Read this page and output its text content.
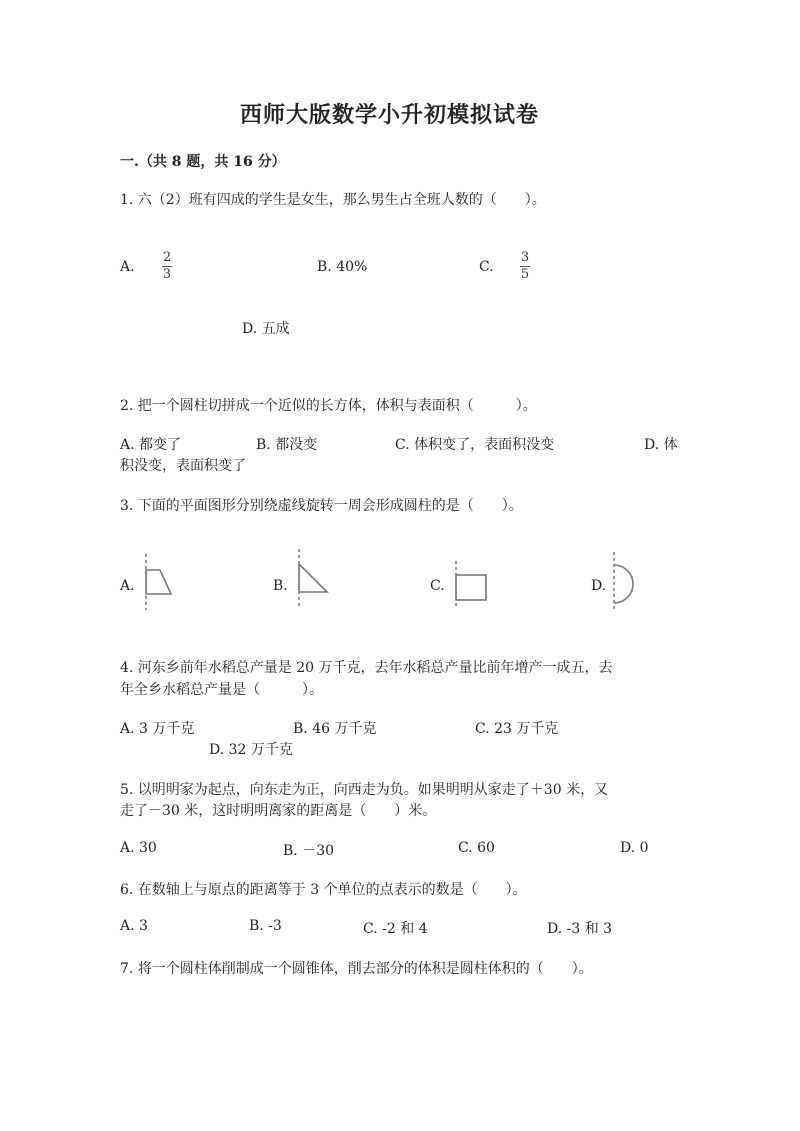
西师大版数学小升初模拟试卷
一.（共 8 题，共 16 分）
1. 六（2）班有四成的学生是女生，那么男生占全班人数的（　　）。
A.
2
3	B. 40%	C.
3
5
D. 五成
2. 把一个圆柱切拼成一个近似的长方体，体积与表面积（　　　）。
A. 都变了	B. 都没变	C. 体积变了，表面积没变	D. 体
积没变，表面积变了
3. 下面的平面图形分别绕虚线旋转一周会形成圆柱的是（　　）。
A.	B.	C.	D.
4. 河东乡前年水稻总产量是 20 万千克，去年水稻总产量比前年增产一成五，去
年全乡水稻总产量是（　　　）。
A. 3 万千克	B. 46 万千克	C. 23 万千克
D. 32 万千克
5. 以明明家为起点，向东走为正，向西走为负。如果明明从家走了＋30 米，又
走了－30 米，这时明明离家的距离是（　　）米。
A. 30	B. －30	C. 60	D. 0
6. 在数轴上与原点的距离等于 3 个单位的点表示的数是（　　）。
A. 3	B. -3	C. -2 和 4	D. -3 和 3
7. 将一个圆柱体削制成一个圆锥体，削去部分的体积是圆柱体积的（　　）。
